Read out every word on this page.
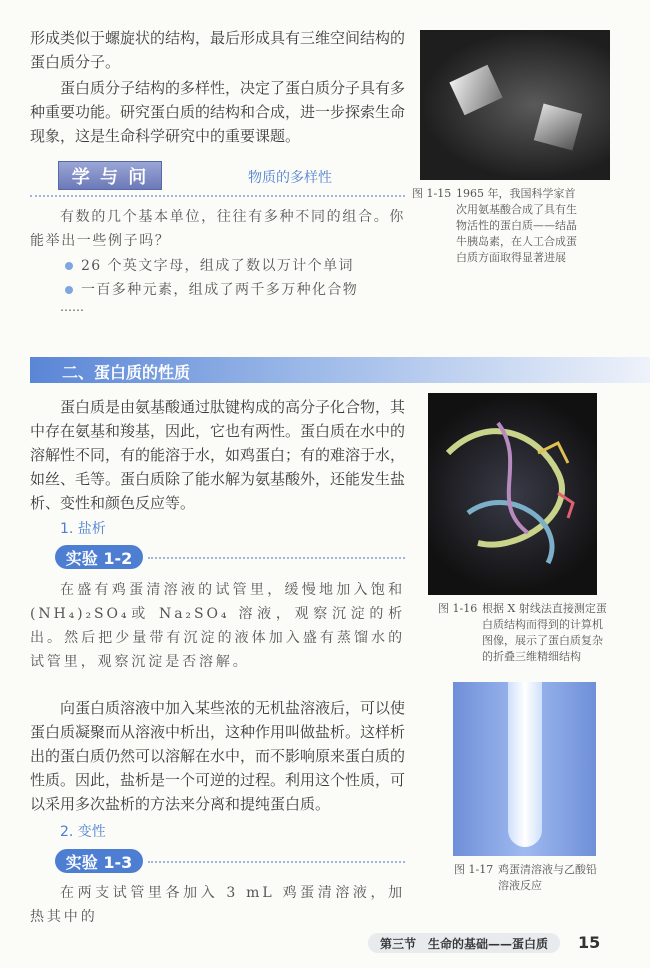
形成类似于螺旋状的结构，最后形成具有三维空间结构的蛋白质分子。

蛋白质分子结构的多样性，决定了蛋白质分子具有多种重要功能。研究蛋白质的结构和合成，进一步探索生命现象，这是生命科学研究中的重要课题。

学 与 问	物质的多样性

有数的几个基本单位，往往有多种不同的组合。你能举出一些例子吗？

26 个英文字母，组成了数以万计个单词
一百多种元素，组成了两千多万种化合物
……
图 1-15 1965 年，我国科学家首次用氨基酸合成了具有生物活性的蛋白质——结晶牛胰岛素，在人工合成蛋白质方面取得显著进展
二、蛋白质的性质

蛋白质是由氨基酸通过肽键构成的高分子化合物，其中存在氨基和羧基，因此，它也有两性。蛋白质在水中的溶解性不同，有的能溶于水，如鸡蛋白；有的难溶于水，如丝、毛等。蛋白质除了能水解为氨基酸外，还能发生盐析、变性和颜色反应等。

1. 盐析
实验 1-2

在盛有鸡蛋清溶液的试管里，缓慢地加入饱和(NH₄)₂SO₄或 Na₂SO₄ 溶液，观察沉淀的析出。然后把少量带有沉淀的液体加入盛有蒸馏水的试管里，观察沉淀是否溶解。

向蛋白质溶液中加入某些浓的无机盐溶液后，可以使蛋白质凝聚而从溶液中析出，这种作用叫做盐析。这样析出的蛋白质仍然可以溶解在水中，而不影响原来蛋白质的性质。因此，盐析是一个可逆的过程。利用这个性质，可以采用多次盐析的方法来分离和提纯蛋白质。

2. 变性
实验 1-3

在两支试管里各加入 3 mL 鸡蛋清溶液，加热其中的

图 1-16 根据 X 射线法直接测定蛋白质结构而得到的计算机图像，展示了蛋白质复杂的折叠三维精细结构
图 1-17 鸡蛋清溶液与乙酸铅溶液反应
第三节　生命的基础——蛋白质	15
